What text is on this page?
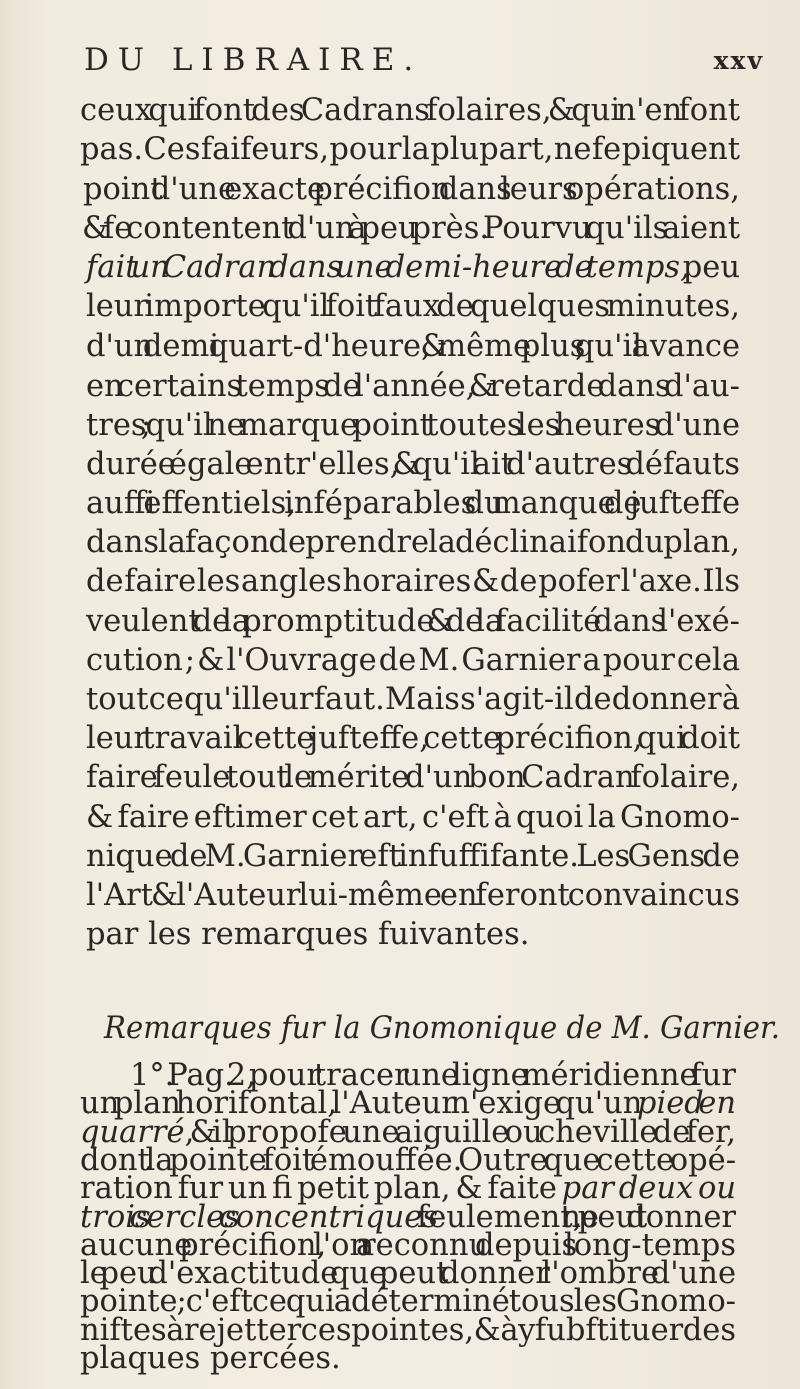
DU LIBRAIRE.	xxv
ceux qui font des Cadrans folaires, & qui n'en font
pas. Ces faifeurs, pour la plupart, ne fe piquent
point d'une exacte précifion dans leurs opérations,
& fe contentent d'un à peu près. Pourvu qu'ils aient
fait un Cadran dans une demi-heure de temps, peu
leur importe qu'il foit faux de quelques minutes,
d'un demi quart-d'heure, & même plus ; qu'il avance
en certains temps de l'année, & retarde dans d'au-
tres ; qu'il ne marque point toutes les heures d'une
durée égale entr'elles, & qu'il ait d'autres défauts
auffi effentiels, inféparables du manque de jufteffe
dans la façon de prendre la déclinaifon du plan,
de faire les angles horaires & de pofer l'axe. Ils
veulent de la promptitude & de la facilité dans l'exé-
cution ; & l'Ouvrage de M. Garnier a pour cela
tout ce qu'il leur faut. Mais s'agit-il de donner à
leur travail cette jufteffe, cette précifion, qui doit
faire feule tout le mérite d'un bon Cadran folaire,
& faire eftimer cet art, c'eft à quoi la Gnomo-
nique de M. Garnier eft infuffifante. Les Gens de
l'Art & l'Auteur lui-même en feront convaincus
par les remarques fuivantes.
Remarques fur la Gnomonique de M. Garnier.
1°. Pag. 2, pour tracer une ligne méridienne fur
un plan horifontal, l'Auteur n'exige qu'un pied en
quarré, & il propofe une aiguille ou cheville de fer,
dont la pointe foit émouffée. Outre que cette opé-
ration fur un fi petit plan, & faite par deux ou
trois cercles concentriques feulement, ne peut donner
aucune précifion, l'on a reconnu depuis long-temps
le peu d'exactitude que peut donner l'ombre d'une
pointe ; c'eft ce qui a déterminé tous les Gnomo-
niftes à rejetter ces pointes, & à y fubftituer des
plaques percées.
